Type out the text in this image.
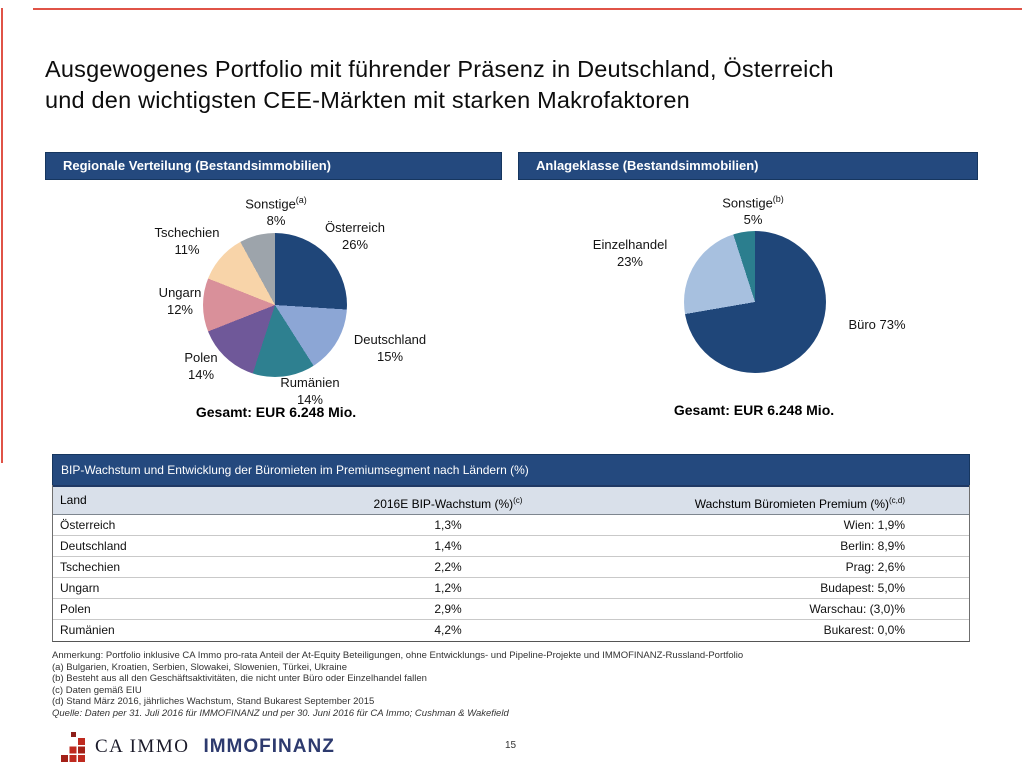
Ausgewogenes Portfolio mit führender Präsenz in Deutschland, Österreich
und den wichtigsten CEE-Märkten mit starken Makrofaktoren
Regionale Verteilung (Bestandsimmobilien)	Anlageklasse (Bestandsimmobilien)
Sonstige$^{(a)}$
8%	Österreich
26%
Deutschland
15%
Rumänien
14%
Polen
14%
Ungarn
12%
Tschechien
11%
Gesamt: EUR 6.248 Mio.
Sonstige$^{(b)}$
5%
Einzelhandel
23%
Büro 73%
Gesamt: EUR 6.248 Mio.
BIP-Wachstum und Entwicklung der Büromieten im Premiumsegment nach Ländern (%)
Land	2016E BIP-Wachstum (%)$^{(c)}$	Wachstum Büromieten Premium (%)$^{(c,d)}$
Österreich	1,3%	Wien: 1,9%
Deutschland	1,4%	Berlin: 8,9%
Tschechien	2,2%	Prag: 2,6%
Ungarn	1,2%	Budapest: 5,0%
Polen	2,9%	Warschau: (3,0)%
Rumänien	4,2%	Bukarest: 0,0%
Anmerkung: Portfolio inklusive CA Immo pro-rata Anteil der At-Equity Beteiligungen, ohne Entwicklungs- und Pipeline-Projekte und IMMOFINANZ-Russland-Portfolio
(a) Bulgarien, Kroatien, Serbien, Slowakei, Slowenien, Türkei, Ukraine
(b) Besteht aus all den Geschäftsaktivitäten, die nicht unter Büro oder Einzelhandel fallen
(c) Daten gemäß EIU
(d) Stand März 2016, jährliches Wachstum, Stand Bukarest September 2015
Quelle: Daten per 31. Juli 2016 für IMMOFINANZ und per 30. Juni 2016 für CA Immo; Cushman & Wakefield
CA IMMO IMMOFINANZ	15
